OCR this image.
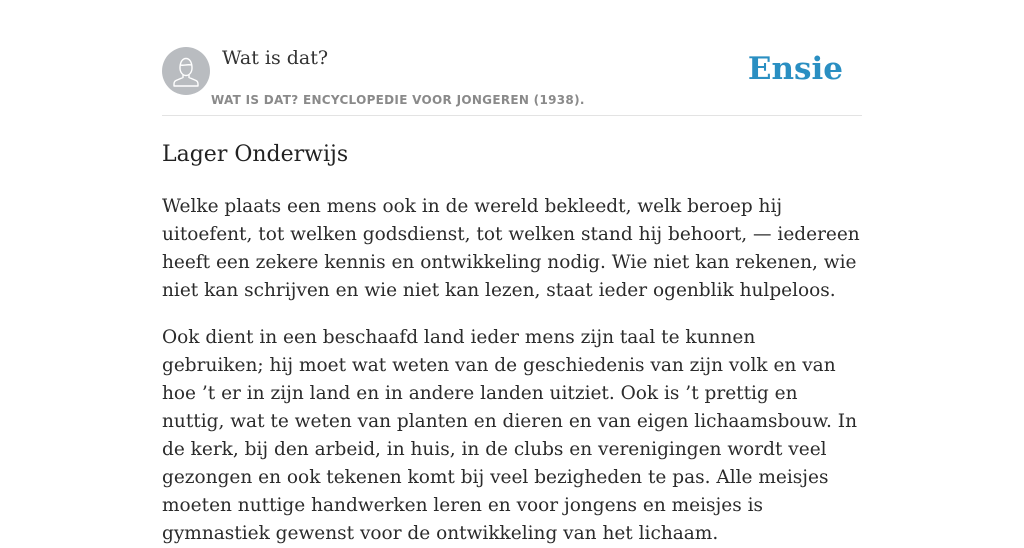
Wat is dat?
WAT IS DAT? ENCYCLOPEDIE VOOR JONGEREN (1938).
Ensie
Lager Onderwijs

Welke plaats een mens ook in de wereld bekleedt, welk beroep hij uitoefent, tot welken godsdienst, tot welken stand hij behoort, — iedereen heeft een zekere kennis en ontwikkeling nodig. Wie niet kan rekenen, wie niet kan schrijven en wie niet kan lezen, staat ieder ogenblik hulpeloos.

Ook dient in een beschaafd land ieder mens zijn taal te kunnen gebruiken; hij moet wat weten van de geschiedenis van zijn volk en van hoe ’t er in zijn land en in andere landen uitziet. Ook is ’t prettig en nuttig, wat te weten van planten en dieren en van eigen lichaamsbouw. In de kerk, bij den arbeid, in huis, in de clubs en verenigingen wordt veel gezongen en ook tekenen komt bij veel bezigheden te pas. Alle meisjes moeten nuttige handwerken leren en voor jongens en meisjes is gymnastiek gewenst voor de ontwikkeling van het lichaam.
